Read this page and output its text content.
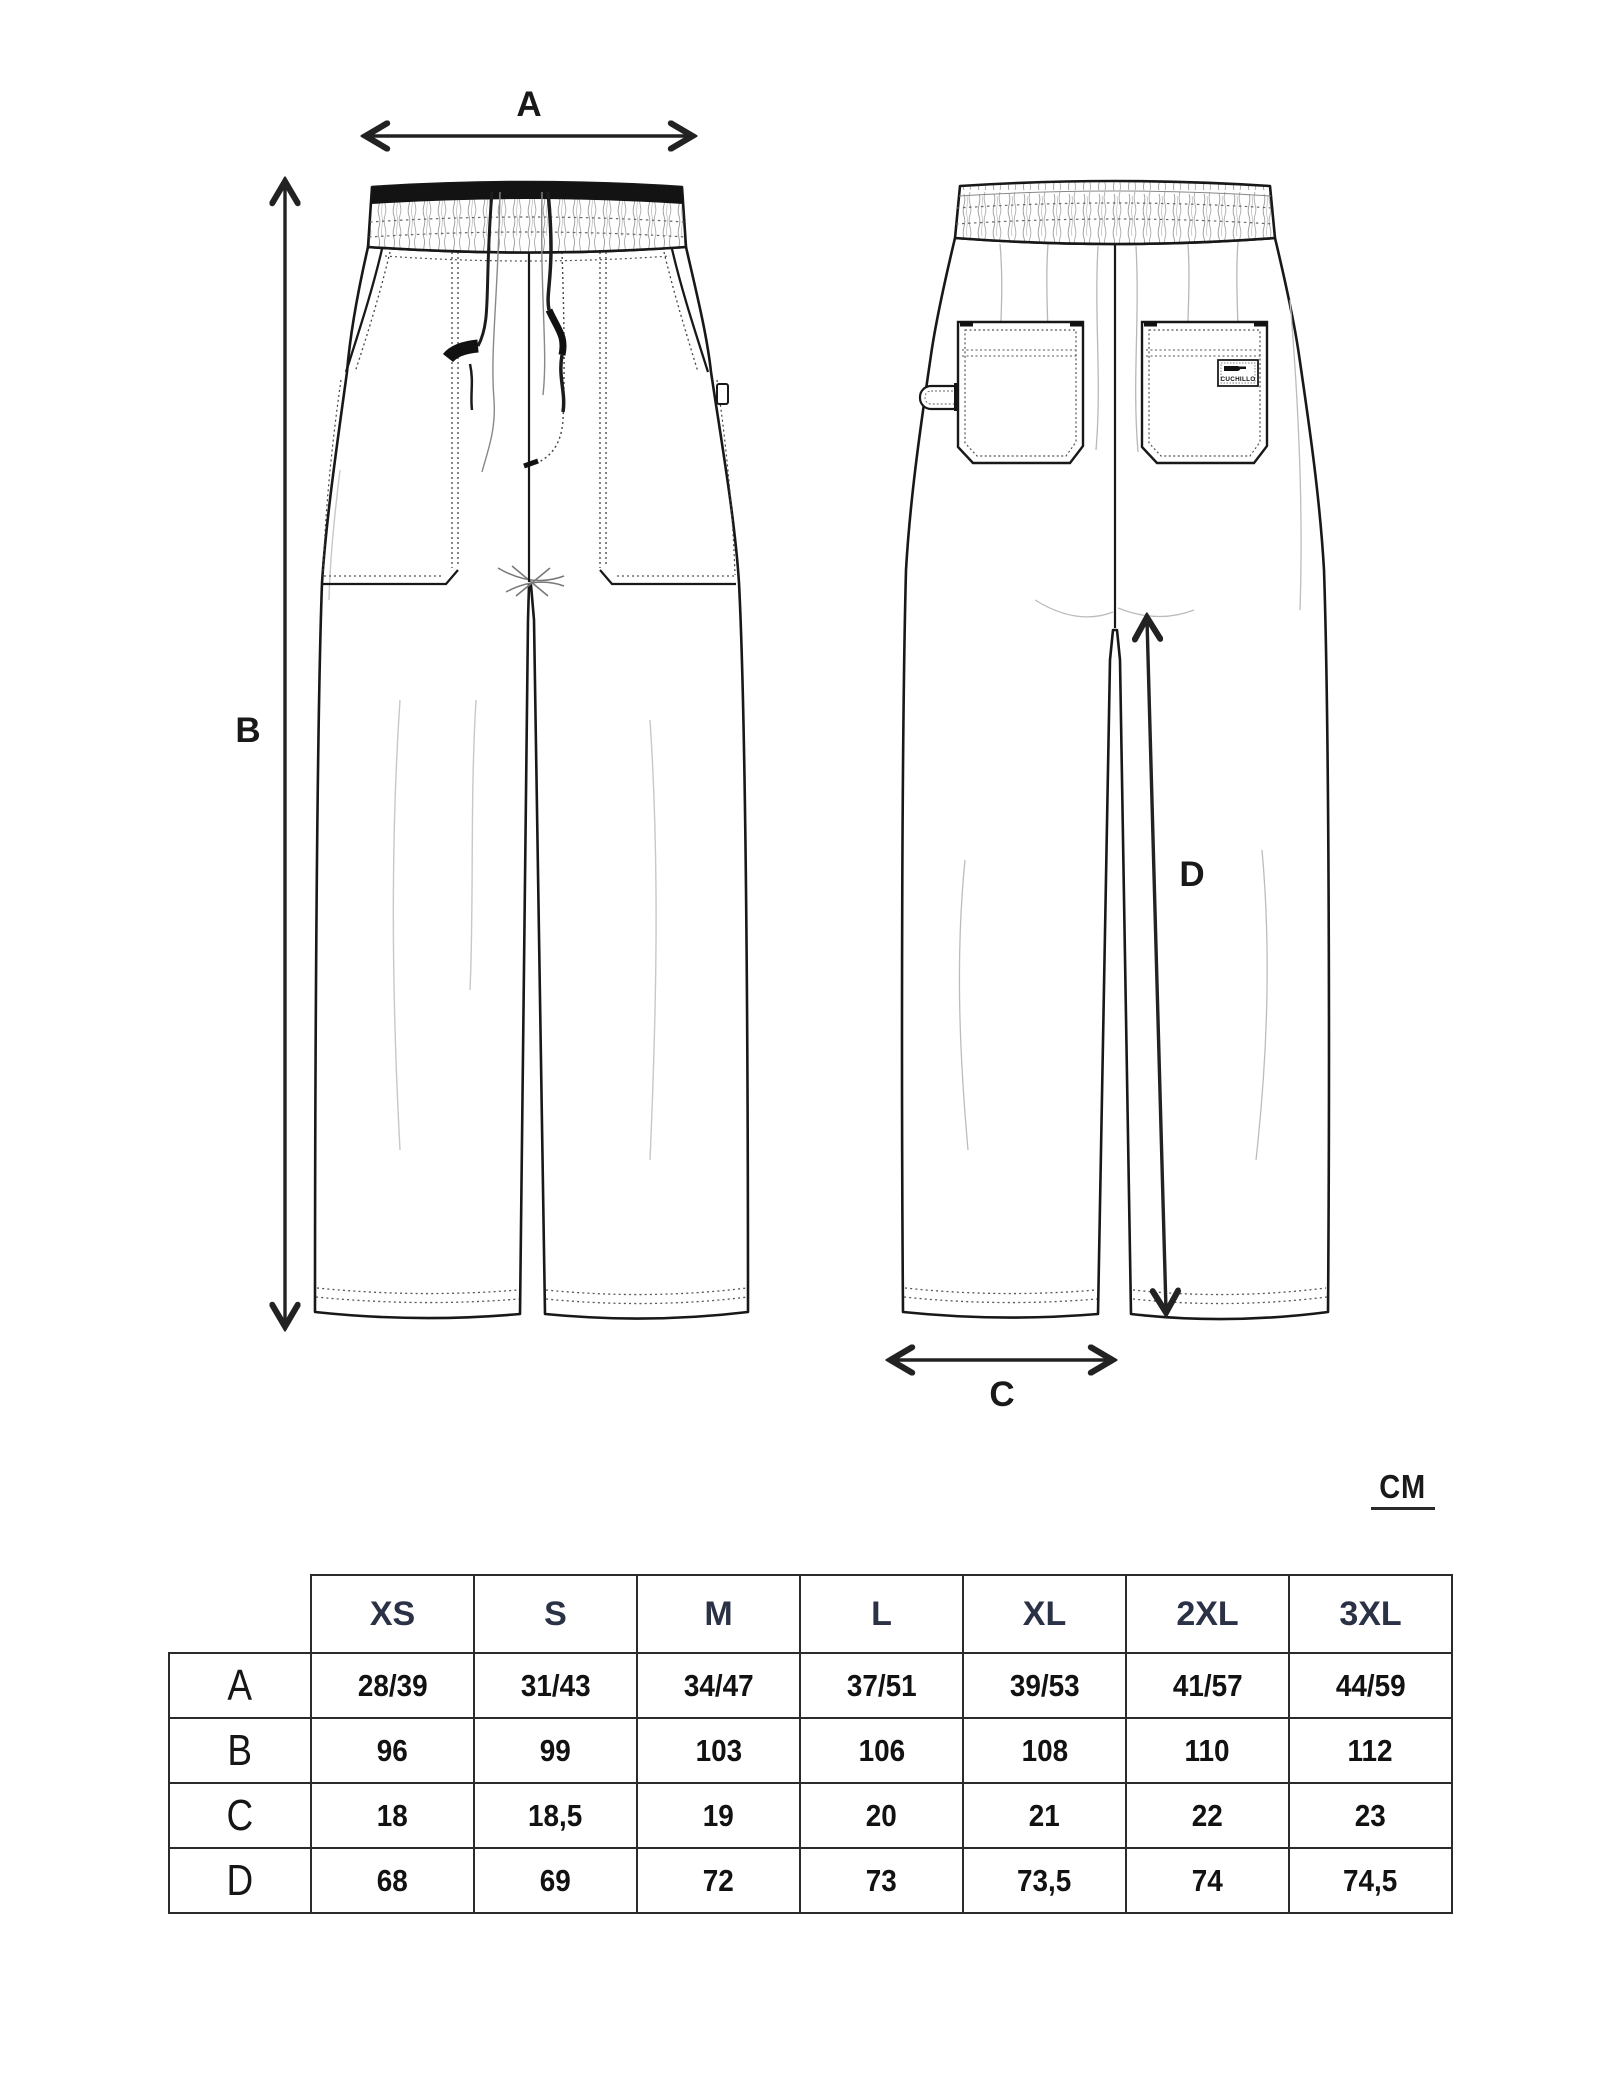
CUCHILLO
A
B
C
D
CM
	XS	S	M	L	XL	2XL	3XL
A	28/39	31/43	34/47	37/51	39/53	41/57	44/59
B	96	99	103	106	108	110	112
C	18	18,5	19	20	21	22	23
D	68	69	72	73	73,5	74	74,5
